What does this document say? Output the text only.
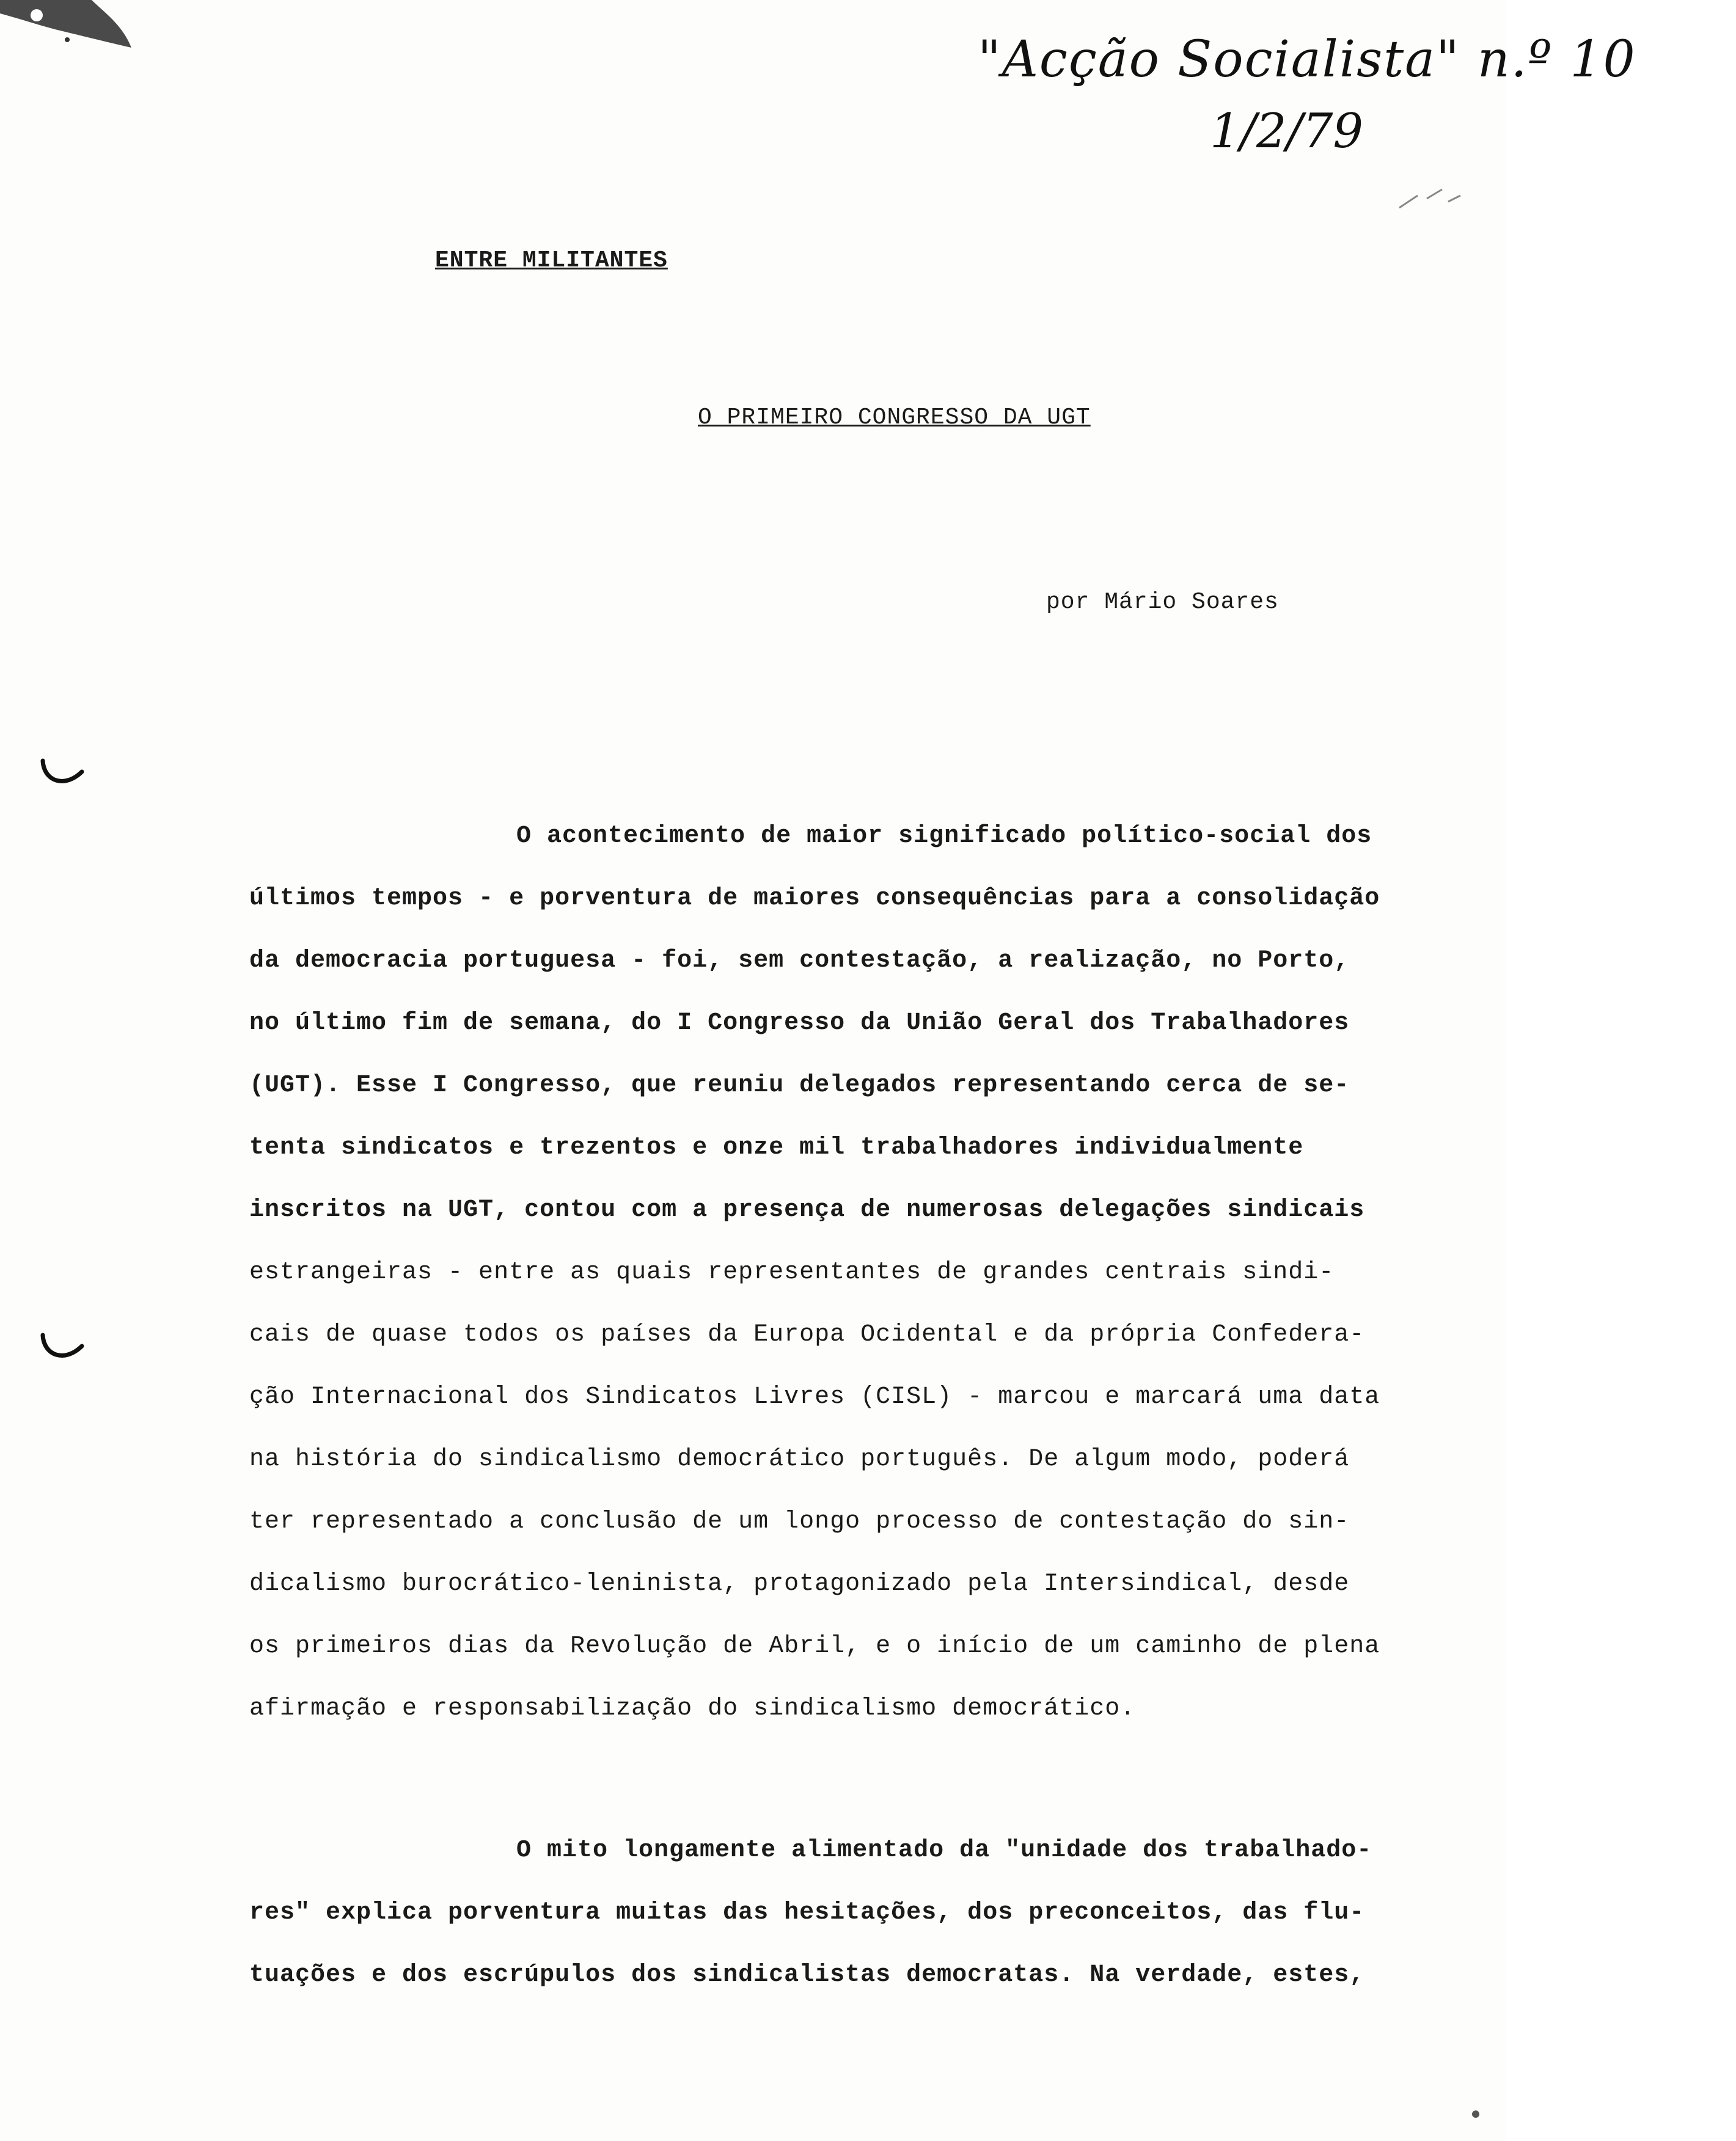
"Acção Socialista" n.º 10
1/2/79
ENTRE MILITANTES
O PRIMEIRO CONGRESSO DA UGT
por Mário Soares
O acontecimento de maior significado político-social dos
últimos tempos - e porventura de maiores consequências para a consolidação
da democracia portuguesa - foi, sem contestação, a realização, no Porto,
no último fim de semana, do I Congresso da União Geral dos Trabalhadores
(UGT). Esse I Congresso, que reuniu delegados representando cerca de se-
tenta sindicatos e trezentos e onze mil trabalhadores individualmente
inscritos na UGT, contou com a presença de numerosas delegações sindicais
estrangeiras - entre as quais representantes de grandes centrais sindi-
cais de quase todos os países da Europa Ocidental e da própria Confedera-
ção Internacional dos Sindicatos Livres (CISL) - marcou e marcará uma data
na história do sindicalismo democrático português. De algum modo, poderá
ter representado a conclusão de um longo processo de contestação do sin-
dicalismo burocrático-leninista, protagonizado pela Intersindical, desde
os primeiros dias da Revolução de Abril, e o início de um caminho de plena
afirmação e responsabilização do sindicalismo democrático.
O mito longamente alimentado da "unidade dos trabalhado-
res" explica porventura muitas das hesitações, dos preconceitos, das flu-
tuações e dos escrúpulos dos sindicalistas democratas. Na verdade, estes,
